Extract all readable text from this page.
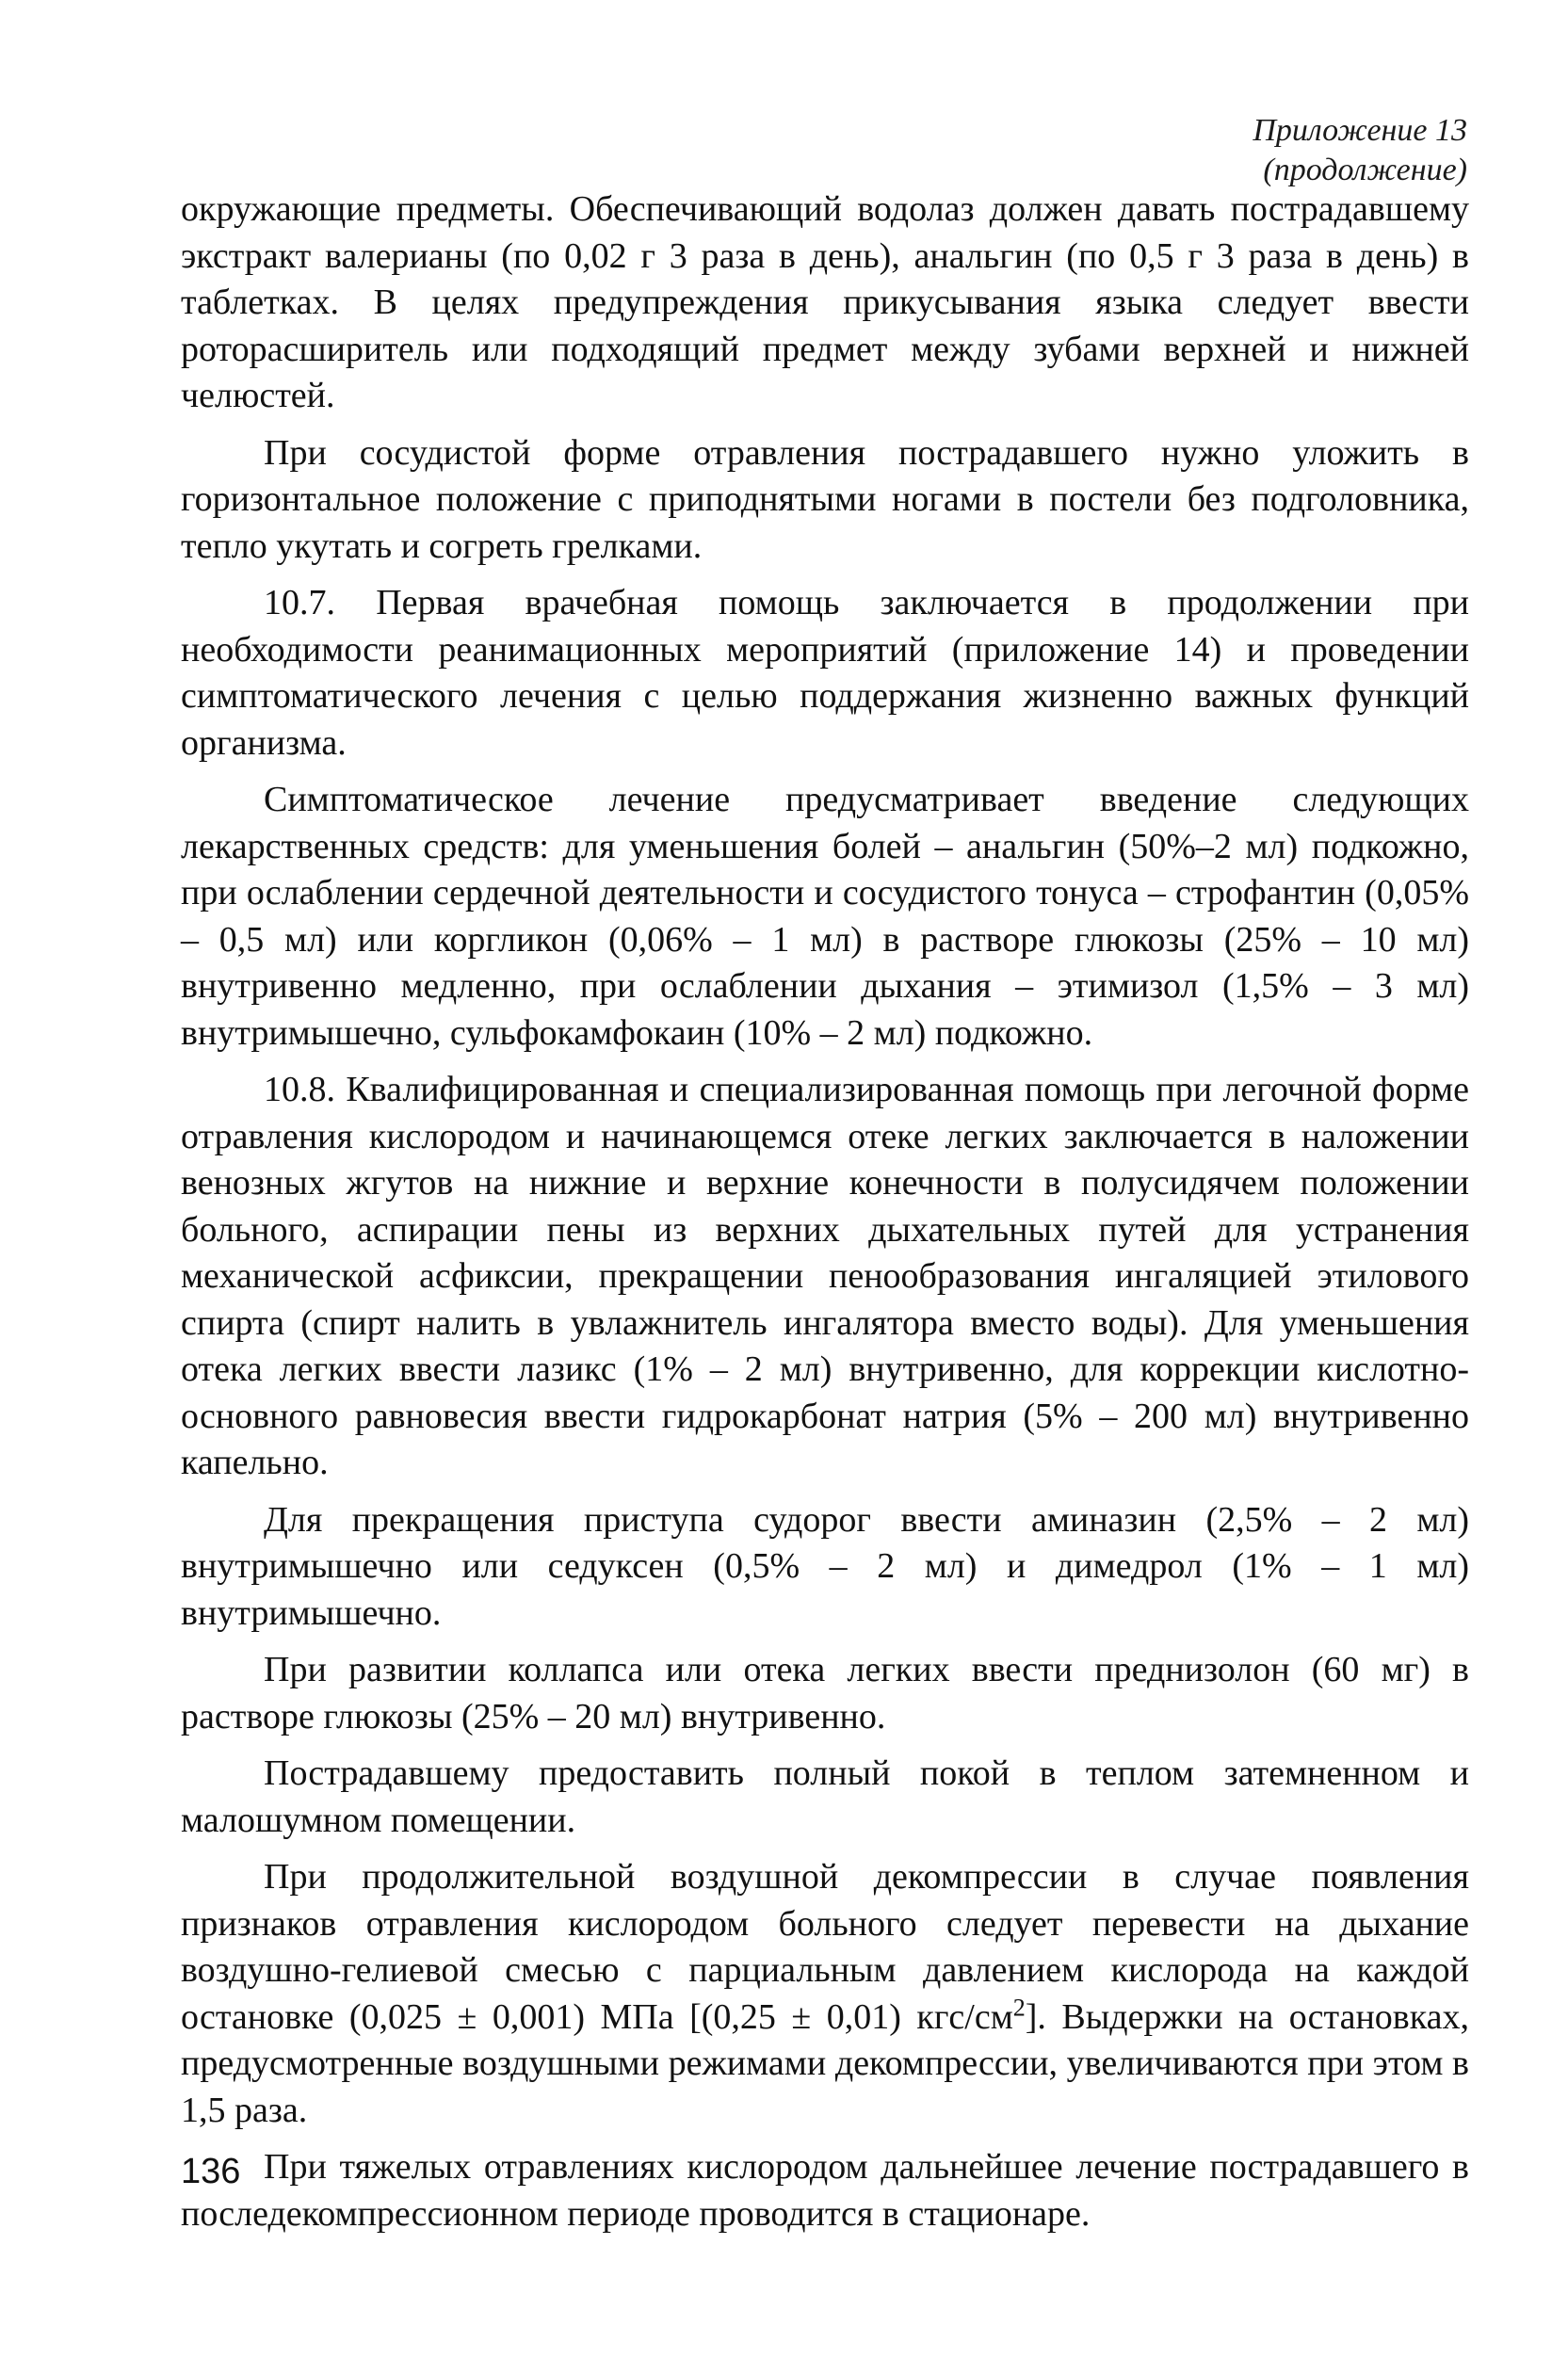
Приложение 13
(продолжение)

окружающие предметы. Обеспечивающий водолаз должен давать пострадавшему экстракт валерианы (по 0,02 г 3 раза в день), анальгин (по 0,5 г 3 раза в день) в таблетках. В целях предупреждения прикусывания языка следует ввести роторасширитель или подходящий предмет между зубами верхней и нижней челюстей.

При сосудистой форме отравления пострадавшего нужно уложить в горизонтальное положение с приподнятыми ногами в постели без подголовника, тепло укутать и согреть грелками.

10.7. Первая врачебная помощь заключается в продолжении при необходимости реанимационных мероприятий (приложение 14) и проведении симптоматического лечения с целью поддержания жизненно важных функций организма.

Симптоматическое лечение предусматривает введение следующих лекарственных средств: для уменьшения болей – анальгин (50%–2 мл) подкожно, при ослаблении сердечной деятельности и сосудистого тонуса – строфантин (0,05% – 0,5 мл) или коргликон (0,06% – 1 мл) в растворе глюкозы (25% – 10 мл) внутривенно медленно, при ослаблении дыхания – этимизол (1,5% – 3 мл) внутримышечно, сульфокамфокаин (10% – 2 мл) подкожно.

10.8. Квалифицированная и специализированная помощь при легочной форме отравления кислородом и начинающемся отеке легких заключается в наложении венозных жгутов на нижние и верхние конечности в полусидячем положении больного, аспирации пены из верхних дыхательных путей для устранения механической асфиксии, прекращении пенообразования ингаляцией этилового спирта (спирт налить в увлажнитель ингалятора вместо воды). Для уменьшения отека легких ввести лазикс (1% – 2 мл) внутривенно, для коррекции кислотно-основного равновесия ввести гидрокарбонат натрия (5% – 200 мл) внутривенно капельно.

Для прекращения приступа судорог ввести аминазин (2,5% – 2 мл) внутримышечно или седуксен (0,5% – 2 мл) и димедрол (1% – 1 мл) внутримышечно.

При развитии коллапса или отека легких ввести преднизолон (60 мг) в растворе глюкозы (25% – 20 мл) внутривенно.

Пострадавшему предоставить полный покой в теплом затемненном и малошумном помещении.

При продолжительной воздушной декомпрессии в случае появления признаков отравления кислородом больного следует перевести на дыхание воздушно-гелиевой смесью с парциальным давлением кислорода на каждой остановке (0,025 ± 0,001) МПа [(0,25 ± 0,01) кгс/$см^2$]. Выдержки на остановках, предусмотренные воздушными режимами декомпрессии, увеличиваются при этом в 1,5 раза.

При тяжелых отравлениях кислородом дальнейшее лечение пострадавшего в последекомпрессионном периоде проводится в стационаре.

136
